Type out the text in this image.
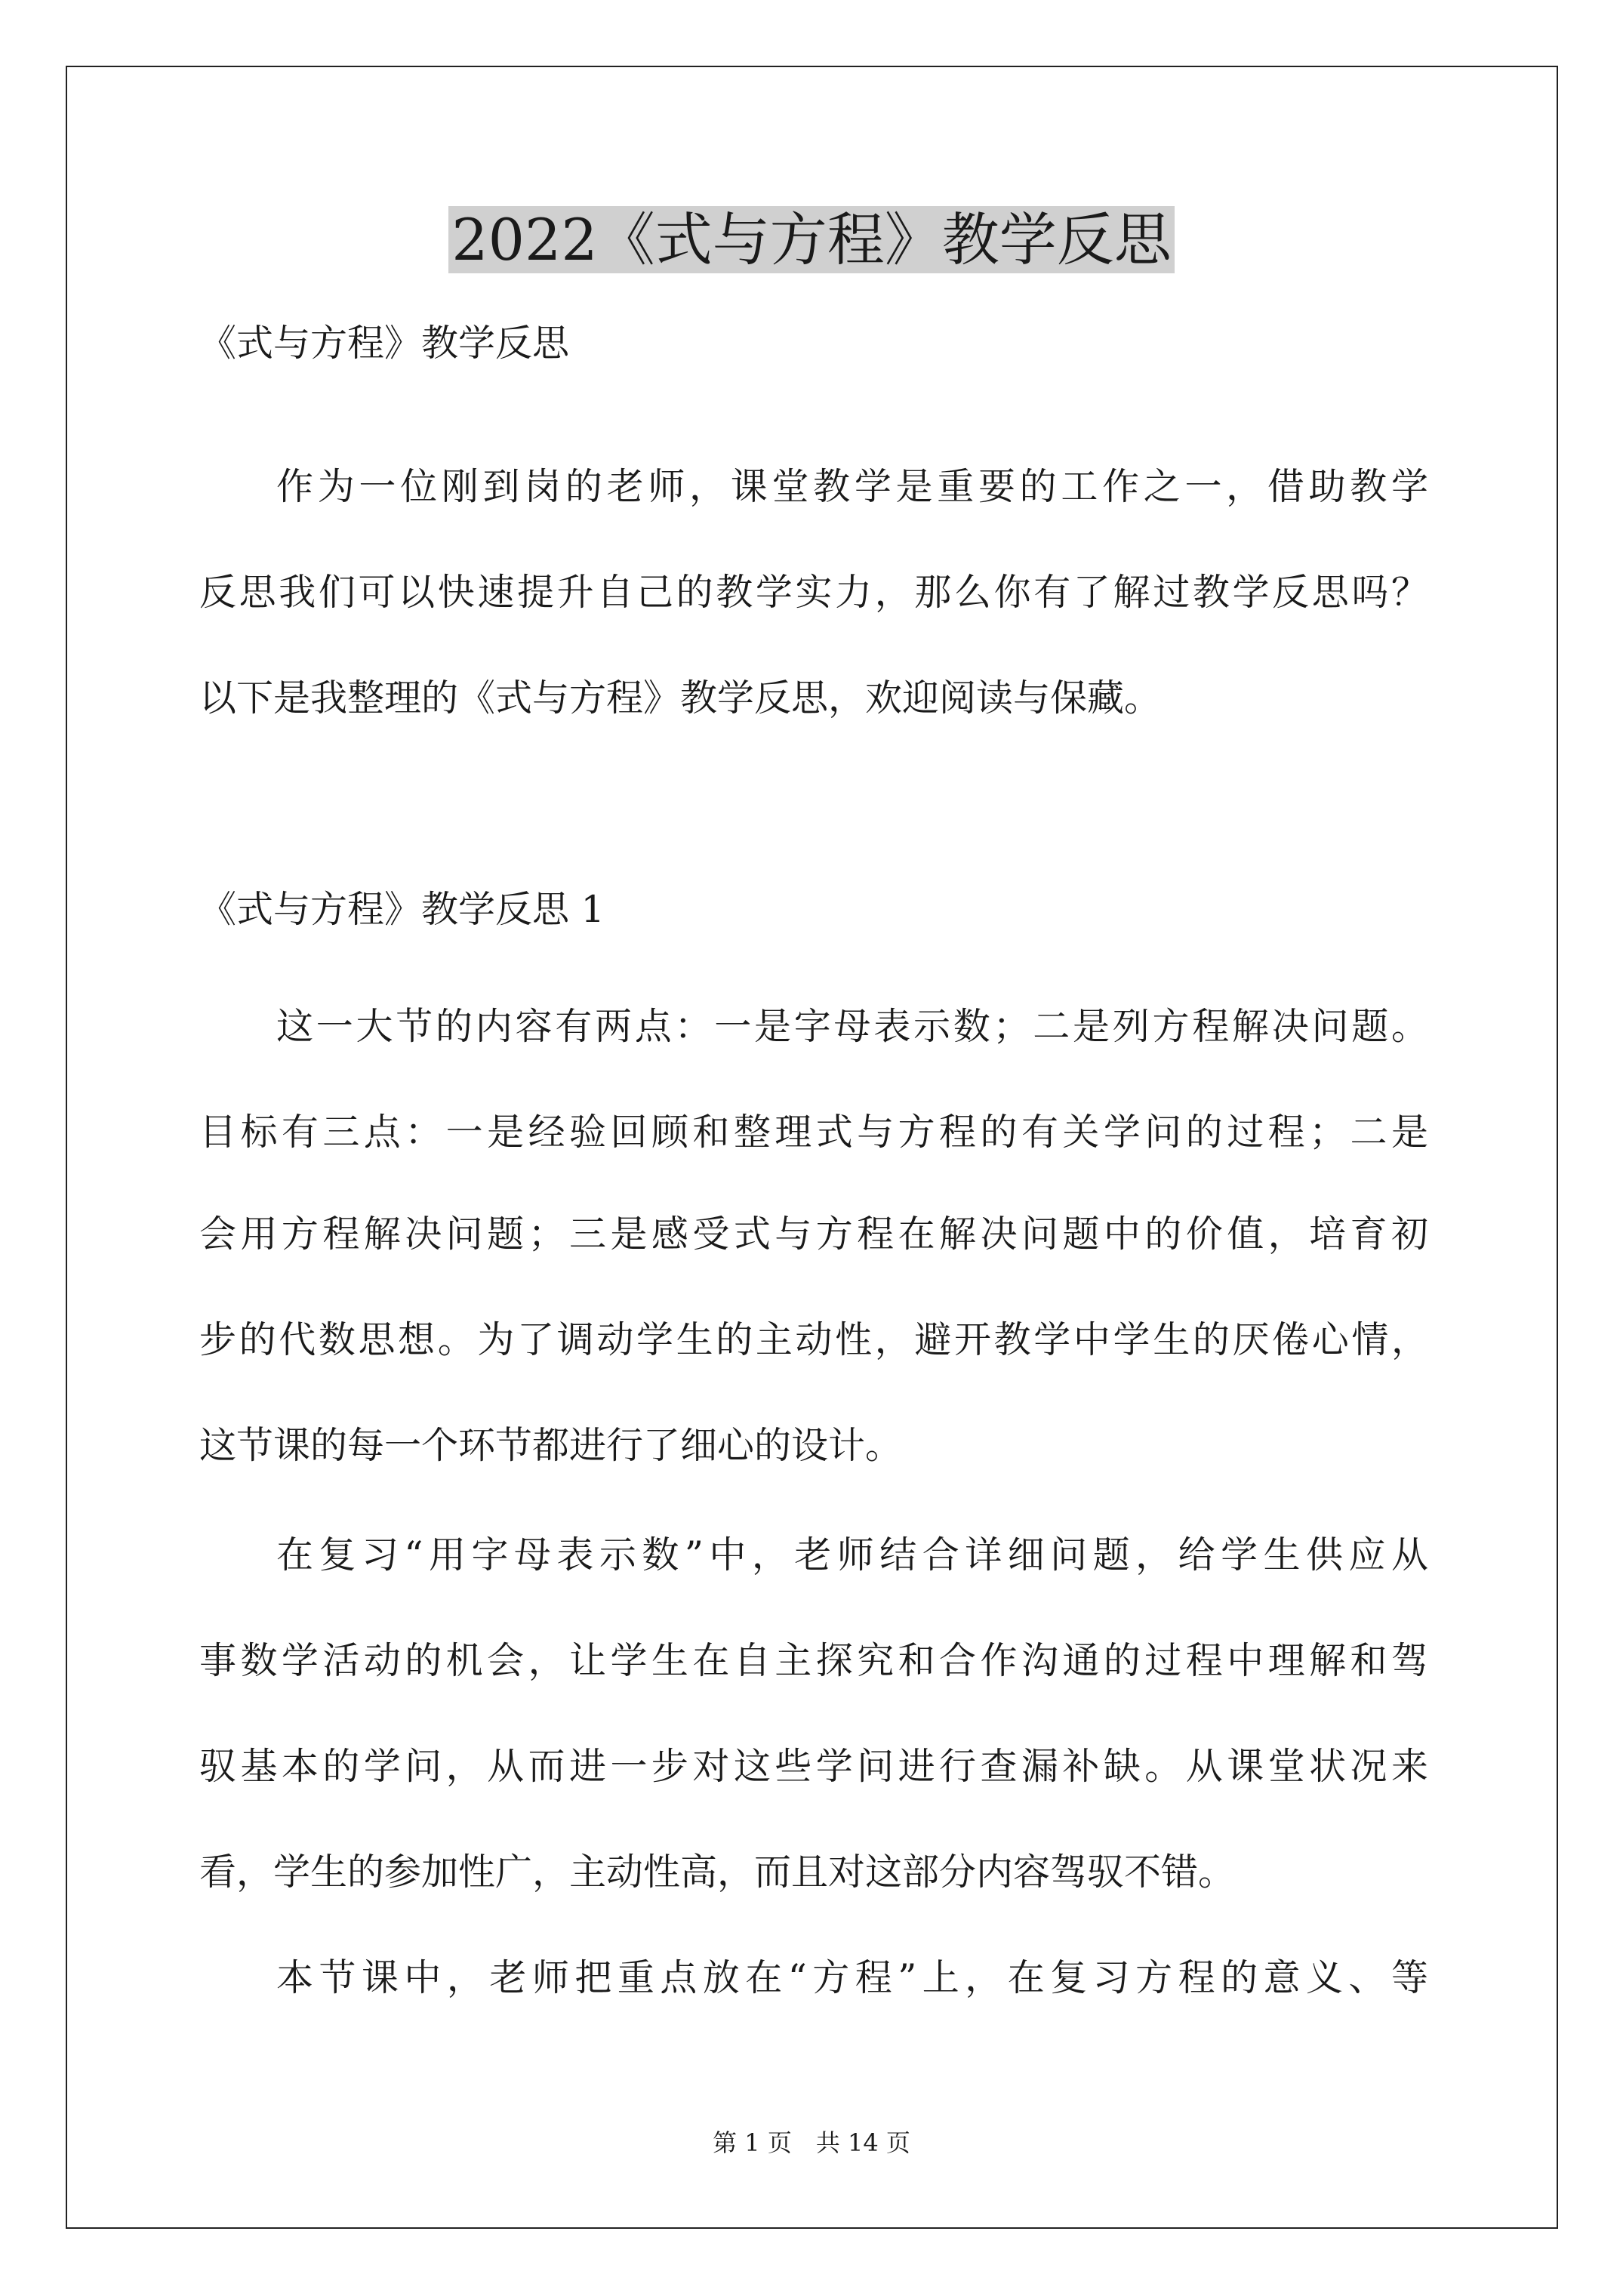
2022《式与方程》教学反思
《式与方程》教学反思
作为一位刚到岗的老师，课堂教学是重要的工作之一，借助教学
反思我们可以快速提升自己的教学实力，那么你有了解过教学反思吗？
以下是我整理的《式与方程》教学反思，欢迎阅读与保藏。
《式与方程》教学反思 1
这一大节的内容有两点：一是字母表示数；二是列方程解决问题。
目标有三点：一是经验回顾和整理式与方程的有关学问的过程；二是
会用方程解决问题；三是感受式与方程在解决问题中的价值，培育初
步的代数思想。为了调动学生的主动性，避开教学中学生的厌倦心情，
这节课的每一个环节都进行了细心的设计。
在复习“用字母表示数”中，老师结合详细问题，给学生供应从
事数学活动的机会，让学生在自主探究和合作沟通的过程中理解和驾
驭基本的学问，从而进一步对这些学问进行查漏补缺。从课堂状况来
看，学生的参加性广，主动性高，而且对这部分内容驾驭不错。
本节课中，老师把重点放在“方程”上，在复习方程的意义、等
第 1 页　共 14 页
